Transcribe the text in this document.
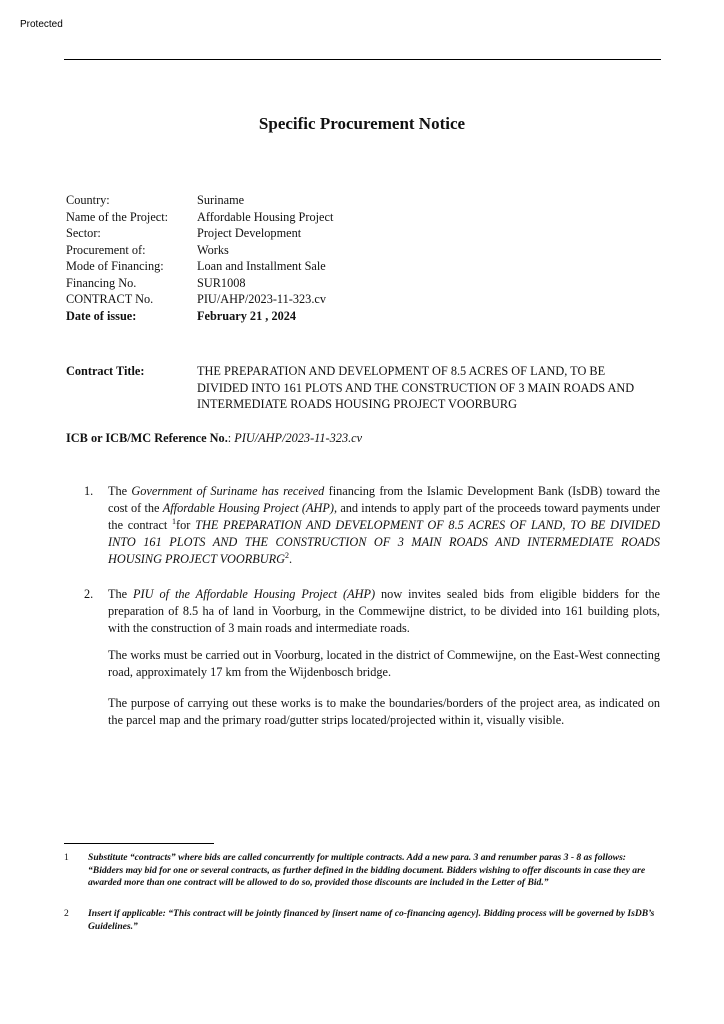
Protected
Specific Procurement Notice
Country:	Suriname
Name of the Project:	Affordable Housing Project
Sector:	Project Development
Procurement of:	Works
Mode of Financing:	Loan and Installment Sale
Financing No.	SUR1008
CONTRACT No.	PIU/AHP/2023-11-323.cv
Date of issue:	February 21 , 2024
Contract Title:	THE PREPARATION AND DEVELOPMENT OF 8.5 ACRES OF LAND, TO BE DIVIDED INTO 161 PLOTS AND THE CONSTRUCTION OF 3 MAIN ROADS AND INTERMEDIATE ROADS HOUSING PROJECT VOORBURG
ICB or ICB/MC Reference No.: PIU/AHP/2023-11-323.cv
1.	The Government of Suriname has received financing from the Islamic Development Bank (IsDB) toward the cost of the Affordable Housing Project (AHP), and intends to apply part of the proceeds toward payments under the contract $^1$for THE PREPARATION AND DEVELOPMENT OF 8.5 ACRES OF LAND, TO BE DIVIDED INTO 161 PLOTS AND THE CONSTRUCTION OF 3 MAIN ROADS AND INTERMEDIATE ROADS HOUSING PROJECT VOORBURG$^2$.
2.	The PIU of the Affordable Housing Project (AHP) now invites sealed bids from eligible bidders for the preparation of 8.5 ha of land in Voorburg, in the Commewijne district, to be divided into 161 building plots, with the construction of 3 main roads and intermediate roads.
The works must be carried out in Voorburg, located in the district of Commewijne, on the East-West connecting road, approximately 17 km from the Wijdenbosch bridge.
The purpose of carrying out these works is to make the boundaries/borders of the project area, as indicated on the parcel map and the primary road/gutter strips located/projected within it, visually visible.
1	Substitute “contracts” where bids are called concurrently for multiple contracts. Add a new para. 3 and renumber paras 3 - 8 as follows: “Bidders may bid for one or several contracts, as further defined in the bidding document. Bidders wishing to offer discounts in case they are awarded more than one contract will be allowed to do so, provided those discounts are included in the Letter of Bid.”
2	Insert if applicable: “This contract will be jointly financed by [insert name of co-financing agency]. Bidding process will be governed by IsDB’s Guidelines.”
